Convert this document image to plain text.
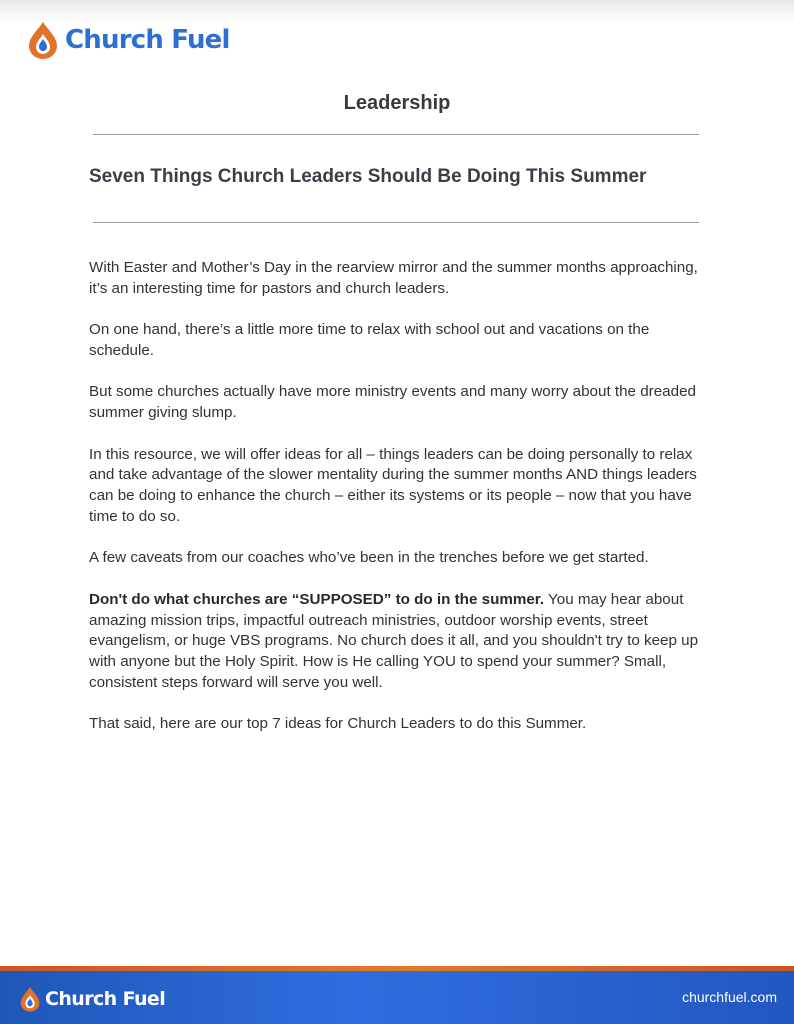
Church Fuel
Leadership
Seven Things Church Leaders Should Be Doing This Summer

With Easter and Mother’s Day in the rearview mirror and the summer months approaching, it’s an interesting time for pastors and church leaders.

On one hand, there’s a little more time to relax with school out and vacations on the schedule.

But some churches actually have more ministry events and many worry about the dreaded summer giving slump.

In this resource, we will offer ideas for all – things leaders can be doing personally to relax and take advantage of the slower mentality during the summer months AND things leaders can be doing to enhance the church – either its systems or its people – now that you have time to do so.

A few caveats from our coaches who’ve been in the trenches before we get started.

Don't do what churches are “SUPPOSED” to do in the summer. You may hear about amazing mission trips, impactful outreach ministries, outdoor worship events, street evangelism, or huge VBS programs. No church does it all, and you shouldn't try to keep up with anyone but the Holy Spirit. How is He calling YOU to spend your summer? Small, consistent steps forward will serve you well.

That said, here are our top 7 ideas for Church Leaders to do this Summer.

Church Fuel	churchfuel.com
